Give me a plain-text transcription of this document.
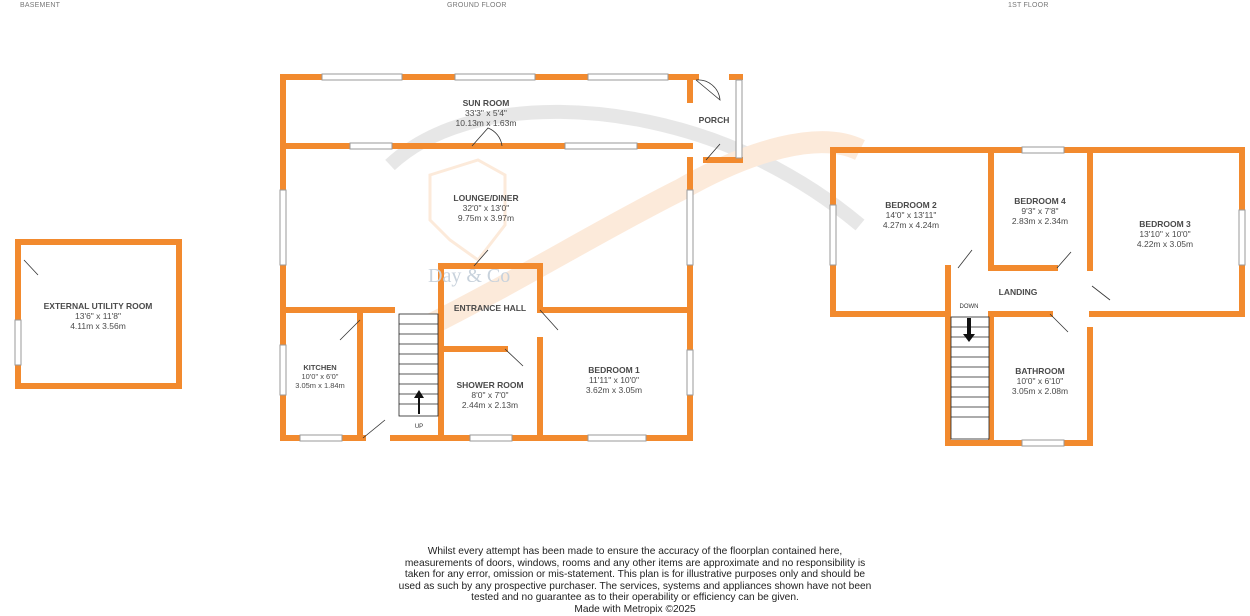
BASEMENT	GROUND FLOOR	1ST FLOOR
Day & Co
EXTERNAL UTILITY ROOM
13'6" x 11'8"
4.11m x 3.56m
SUN ROOM
33'3" x 5'4"
10.13m x 1.63m	PORCH
LOUNGE/DINER
32'0" x 13'0"
9.75m x 3.97m
ENTRANCE HALL
KITCHEN
10'0" x 6'0"
3.05m x 1.84m	SHOWER ROOM
8'0" x 7'0"
2.44m x 2.13m
BEDROOM 1
11'11" x 10'0"
3.62m x 3.05m
BEDROOM 2
14'0" x 13'11"
4.27m x 4.24m
BEDROOM 4
9'3" x 7'8"
2.83m x 2.34m	BEDROOM 3
13'10" x 10'0"
4.22m x 3.05m
LANDING
BATHROOM
10'0" x 6'10"
3.05m x 2.08m
UP
DOWN
Whilst every attempt has been made to ensure the accuracy of the floorplan contained here, measurements of doors, windows, rooms and any other items are approximate and no responsibility is taken for any error, omission or mis-statement. This plan is for illustrative purposes only and should be used as such by any prospective purchaser. The services, systems and appliances shown have not been tested and no guarantee as to their operability or efficiency can be given.
Made with Metropix ©2025
